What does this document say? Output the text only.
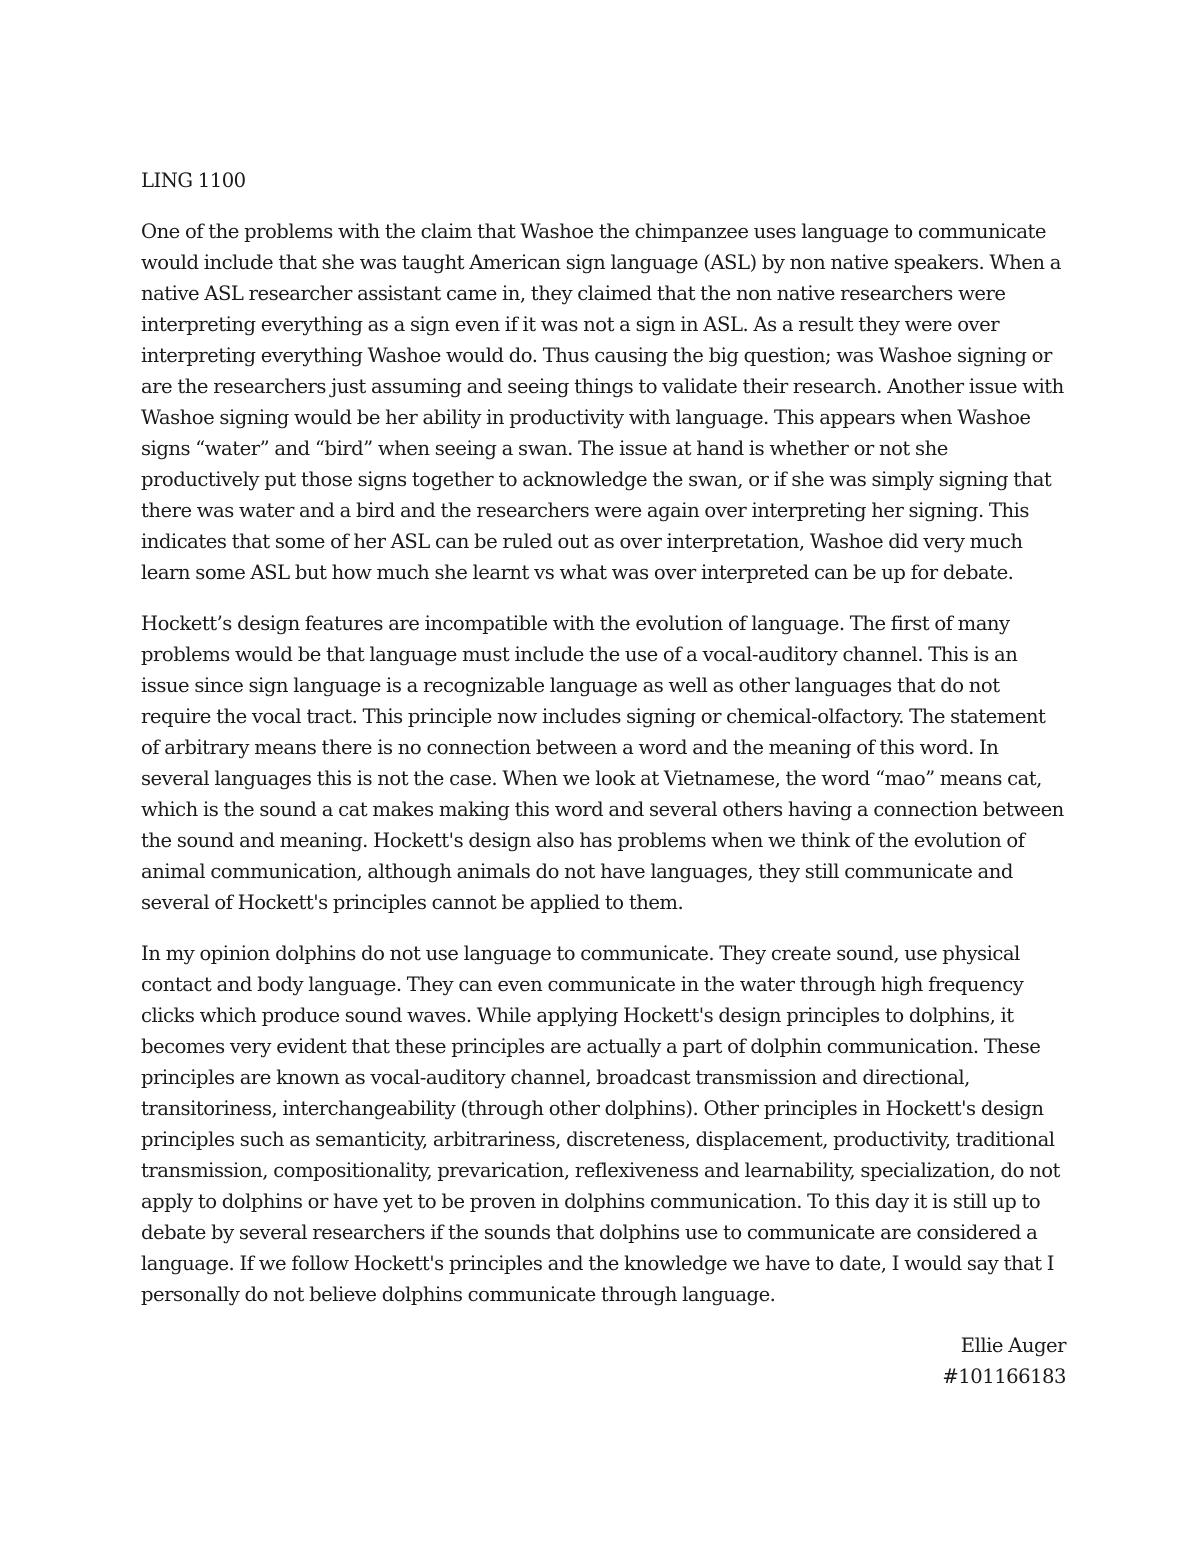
LING 1100

One of the problems with the claim that Washoe the chimpanzee uses language to communicate would include that she was taught American sign language (ASL) by non native speakers. When a native ASL researcher assistant came in, they claimed that the non native researchers were interpreting everything as a sign even if it was not a sign in ASL. As a result they were over interpreting everything Washoe would do. Thus causing the big question; was Washoe signing or are the researchers just assuming and seeing things to validate their research. Another issue with Washoe signing would be her ability in productivity with language. This appears when Washoe signs “water” and “bird” when seeing a swan. The issue at hand is whether or not she productively put those signs together to acknowledge the swan, or if she was simply signing that there was water and a bird and the researchers were again over interpreting her signing. This indicates that some of her ASL can be ruled out as over interpretation, Washoe did very much learn some ASL but how much she learnt vs what was over interpreted can be up for debate.

Hockett’s design features are incompatible with the evolution of language. The first of many problems would be that language must include the use of a vocal-auditory channel. This is an issue since sign language is a recognizable language as well as other languages that do not require the vocal tract. This principle now includes signing or chemical-olfactory. The statement of arbitrary means there is no connection between a word and the meaning of this word. In several languages this is not the case. When we look at Vietnamese, the word “mao” means cat, which is the sound a cat makes making this word and several others having a connection between the sound and meaning. Hockett's design also has problems when we think of the evolution of animal communication, although animals do not have languages, they still communicate and several of Hockett's principles cannot be applied to them.

In my opinion dolphins do not use language to communicate. They create sound, use physical contact and body language. They can even communicate in the water through high frequency clicks which produce sound waves. While applying Hockett's design principles to dolphins, it becomes very evident that these principles are actually a part of dolphin communication. These principles are known as vocal-auditory channel, broadcast transmission and directional, transitoriness, interchangeability (through other dolphins). Other principles in Hockett's design principles such as semanticity, arbitrariness, discreteness, displacement, productivity, traditional transmission, compositionality, prevarication, reflexiveness and learnability, specialization, do not apply to dolphins or have yet to be proven in dolphins communication. To this day it is still up to debate by several researchers if the sounds that dolphins use to communicate are considered a language. If we follow Hockett's principles and the knowledge we have to date, I would say that I personally do not believe dolphins communicate through language.

Ellie Auger
#101166183
